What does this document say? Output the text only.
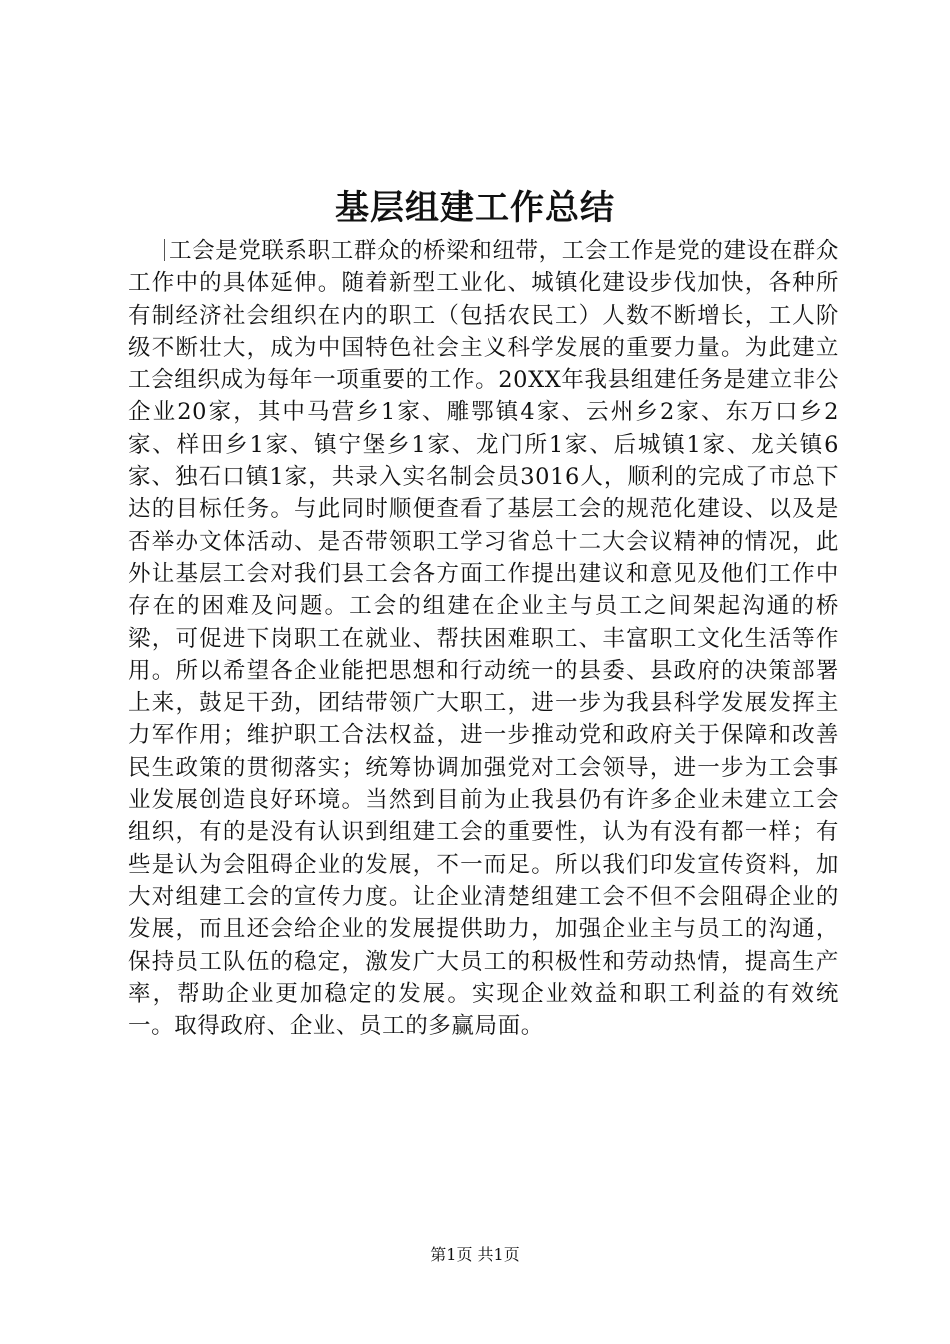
基层组建工作总结

工会是党联系职工群众的桥梁和纽带，工会工作是党的建设在群众工作中的具体延伸。随着新型工业化、城镇化建设步伐加快，各种所有制经济社会组织在内的职工（包括农民工）人数不断增长，工人阶级不断壮大，成为中国特色社会主义科学发展的重要力量。为此建立工会组织成为每年一项重要的工作。20XX年我县组建任务是建立非公企业20家，其中马营乡1家、雕鄂镇4家、云州乡2家、东万口乡2家、样田乡1家、镇宁堡乡1家、龙门所1家、后城镇1家、龙关镇6家、独石口镇1家，共录入实名制会员3016人，顺利的完成了市总下达的目标任务。与此同时顺便查看了基层工会的规范化建设、以及是否举办文体活动、是否带领职工学习省总十二大会议精神的情况，此外让基层工会对我们县工会各方面工作提出建议和意见及他们工作中存在的困难及问题。工会的组建在企业主与员工之间架起沟通的桥梁，可促进下岗职工在就业、帮扶困难职工、丰富职工文化生活等作用。所以希望各企业能把思想和行动统一的县委、县政府的决策部署上来，鼓足干劲，团结带领广大职工，进一步为我县科学发展发挥主力军作用；维护职工合法权益，进一步推动党和政府关于保障和改善民生政策的贯彻落实；统筹协调加强党对工会领导，进一步为工会事业发展创造良好环境。当然到目前为止我县仍有许多企业未建立工会组织，有的是没有认识到组建工会的重要性，认为有没有都一样；有些是认为会阻碍企业的发展，不一而足。所以我们印发宣传资料，加大对组建工会的宣传力度。让企业清楚组建工会不但不会阻碍企业的发展，而且还会给企业的发展提供助力，加强企业主与员工的沟通，保持员工队伍的稳定，激发广大员工的积极性和劳动热情，提高生产率，帮助企业更加稳定的发展。实现企业效益和职工利益的有效统一。取得政府、企业、员工的多赢局面。

第1页 共1页
